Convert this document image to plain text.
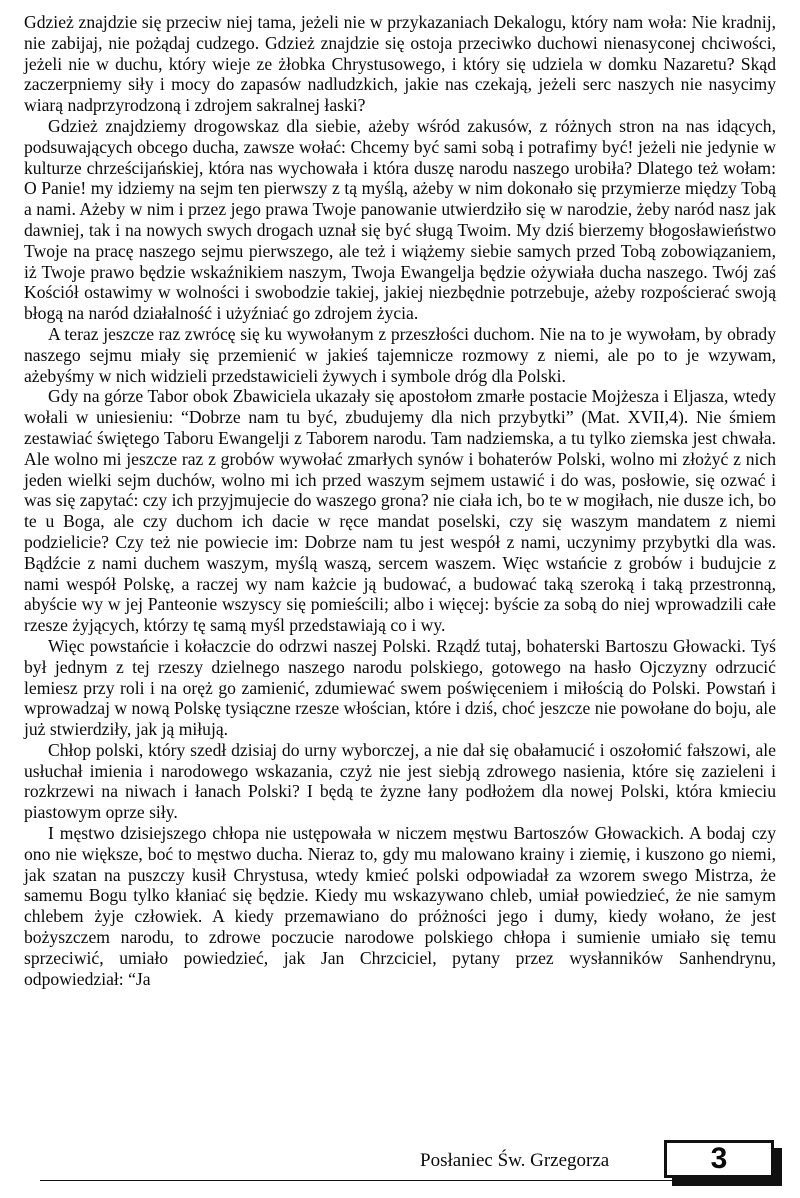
Gdzież znajdzie się przeciw niej tama, jeżeli nie w przykazaniach Dekalogu, który nam woła: Nie kradnij, nie zabijaj, nie pożądaj cudzego. Gdzież znajdzie się ostoja przeciwko duchowi nienasyconej chciwości, jeżeli nie w duchu, który wieje ze żłobka Chrystusowego, i który się udziela w domku Nazaretu? Skąd zaczerpniemy siły i mocy do zapasów nadludzkich, jakie nas czekają, jeżeli serc naszych nie nasycimy wiarą nadprzyrodzoną i zdrojem sakralnej łaski?

Gdzież znajdziemy drogowskaz dla siebie, ażeby wśród zakusów, z różnych stron na nas idących, podsuwających obcego ducha, zawsze wołać: Chcemy być sami sobą i potrafimy być! jeżeli nie jedynie w kulturze chrześcijańskiej, która nas wychowała i która duszę narodu naszego urobiła? Dlatego też wołam: O Panie! my idziemy na sejm ten pierwszy z tą myślą, ażeby w nim dokonało się przymierze między Tobą a nami. Ażeby w nim i przez jego prawa Twoje panowanie utwierdziło się w narodzie, żeby naród nasz jak dawniej, tak i na nowych swych drogach uznał się być sługą Twoim. My dziś bierzemy błogosławieństwo Twoje na pracę naszego sejmu pierwszego, ale też i wiążemy siebie samych przed Tobą zobowiązaniem, iż Twoje prawo będzie wskaźnikiem naszym, Twoja Ewangelja będzie ożywiała ducha naszego. Twój zaś Kościół ostawimy w wolności i swobodzie takiej, jakiej niezbędnie potrzebuje, ażeby rozpościerać swoją błogą na naród działalność i użyźniać go zdrojem życia.

A teraz jeszcze raz zwrócę się ku wywołanym z przeszłości duchom. Nie na to je wywołam, by obrady naszego sejmu miały się przemienić w jakieś tajemnicze rozmowy z niemi, ale po to je wzywam, ażebyśmy w nich widzieli przedstawicieli żywych i symbole dróg dla Polski.

Gdy na górze Tabor obok Zbawiciela ukazały się apostołom zmarłe postacie Mojżesza i Eljasza, wtedy wołali w uniesieniu: “Dobrze nam tu być, zbudujemy dla nich przybytki” (Mat. XVII,4). Nie śmiem zestawiać świętego Taboru Ewangelji z Taborem narodu. Tam nadziemska, a tu tylko ziemska jest chwała. Ale wolno mi jeszcze raz z grobów wywołać zmarłych synów i bohaterów Polski, wolno mi złożyć z nich jeden wielki sejm duchów, wolno mi ich przed waszym sejmem ustawić i do was, posłowie, się ozwać i was się zapytać: czy ich przyjmujecie do waszego grona? nie ciała ich, bo te w mogiłach, nie dusze ich, bo te u Boga, ale czy duchom ich dacie w ręce mandat poselski, czy się waszym mandatem z niemi podzielicie? Czy też nie powiecie im: Dobrze nam tu jest wespół z nami, uczynimy przybytki dla was. Bądźcie z nami duchem waszym, myślą waszą, sercem waszem. Więc wstańcie z grobów i budujcie z nami wespół Polskę, a raczej wy nam każcie ją budować, a budować taką szeroką i taką przestronną, abyście wy w jej Panteonie wszyscy się pomieścili; albo i więcej: byście za sobą do niej wprowadzili całe rzesze żyjących, którzy tę samą myśl przedstawiają co i wy.

Więc powstańcie i kołaczcie do odrzwi naszej Polski. Rządź tutaj, bohaterski Bartoszu Głowacki. Tyś był jednym z tej rzeszy dzielnego naszego narodu polskiego, gotowego na hasło Ojczyzny odrzucić lemiesz przy roli i na oręż go zamienić, zdumiewać swem poświęceniem i miłością do Polski. Powstań i wprowadzaj w nową Polskę tysiączne rzesze włościan, które i dziś, choć jeszcze nie powołane do boju, ale już stwierdziły, jak ją miłują.

Chłop polski, który szedł dzisiaj do urny wyborczej, a nie dał się obałamucić i oszołomić fałszowi, ale usłuchał imienia i narodowego wskazania, czyż nie jest siebją zdrowego nasienia, które się zazieleni i rozkrzewi na niwach i łanach Polski? I będą te żyzne łany podłożem dla nowej Polski, która kmieciu piastowym oprze siły.

I męstwo dzisiejszego chłopa nie ustępowała w niczem męstwu Bartoszów Głowackich. A bodaj czy ono nie większe, boć to męstwo ducha. Nieraz to, gdy mu malowano krainy i ziemię, i kuszono go niemi, jak szatan na puszczy kusił Chrystusa, wtedy kmieć polski odpowiadał za wzorem swego Mistrza, że samemu Bogu tylko kłaniać się będzie. Kiedy mu wskazywano chleb, umiał powiedzieć, że nie samym chlebem żyje człowiek. A kiedy przemawiano do próżności jego i dumy, kiedy wołano, że jest bożyszczem narodu, to zdrowe poczucie narodowe polskiego chłopa i sumienie umiało się temu sprzeciwić, umiało powiedzieć, jak Jan Chrzciciel, pytany przez wysłanników Sanhendrynu, odpowiedział: “Ja

Posłaniec Św. Grzegorza	3
